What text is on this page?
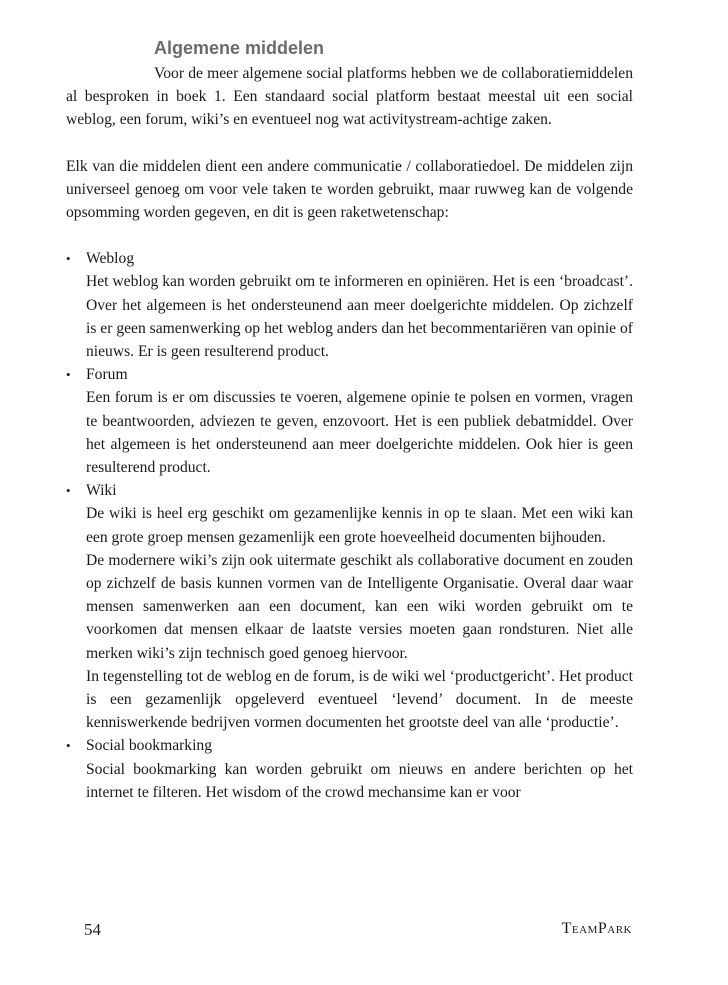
Algemene middelen

Voor de meer algemene social platforms hebben we de collaboratiemiddelen al besproken in boek 1. Een standaard social platform bestaat meestal uit een social weblog, een forum, wiki’s en eventueel nog wat activitystream-achtige zaken.

Elk van die middelen dient een andere communicatie / collaboratiedoel. De middelen zijn universeel genoeg om voor vele taken te worden gebruikt, maar ruwweg kan de volgende opsomming worden gegeven, en dit is geen raketwetenschap:

• Weblog
Het weblog kan worden gebruikt om te informeren en opiniëren. Het is een ‘broadcast’. Over het algemeen is het ondersteunend aan meer doelgerichte middelen. Op zichzelf is er geen samenwerking op het weblog anders dan het becommentariëren van opinie of nieuws. Er is geen resulterend product.
• Forum
Een forum is er om discussies te voeren, algemene opinie te polsen en vormen, vragen te beantwoorden, adviezen te geven, enzovoort. Het is een publiek debatmiddel. Over het algemeen is het ondersteunend aan meer doelgerichte middelen. Ook hier is geen resulterend product.
• Wiki
De wiki is heel erg geschikt om gezamenlijke kennis in op te slaan. Met een wiki kan een grote groep mensen gezamenlijk een grote hoeveelheid documenten bijhouden.
De modernere wiki’s zijn ook uitermate geschikt als collaborative document en zouden op zichzelf de basis kunnen vormen van de Intelligente Organisatie. Overal daar waar mensen samenwerken aan een document, kan een wiki worden gebruikt om te voorkomen dat mensen elkaar de laatste versies moeten gaan rondsturen. Niet alle merken wiki’s zijn technisch goed genoeg hiervoor.
In tegenstelling tot de weblog en de forum, is de wiki wel ‘productgericht’. Het product is een gezamenlijk opgeleverd eventueel ‘levend’ document. In de meeste kenniswerkende bedrijven vormen documenten het grootste deel van alle ‘productie’.
• Social bookmarking
Social bookmarking kan worden gebruikt om nieuws en andere berichten op het internet te filteren. Het wisdom of the crowd mechansime kan er voor
54	TeamPark
